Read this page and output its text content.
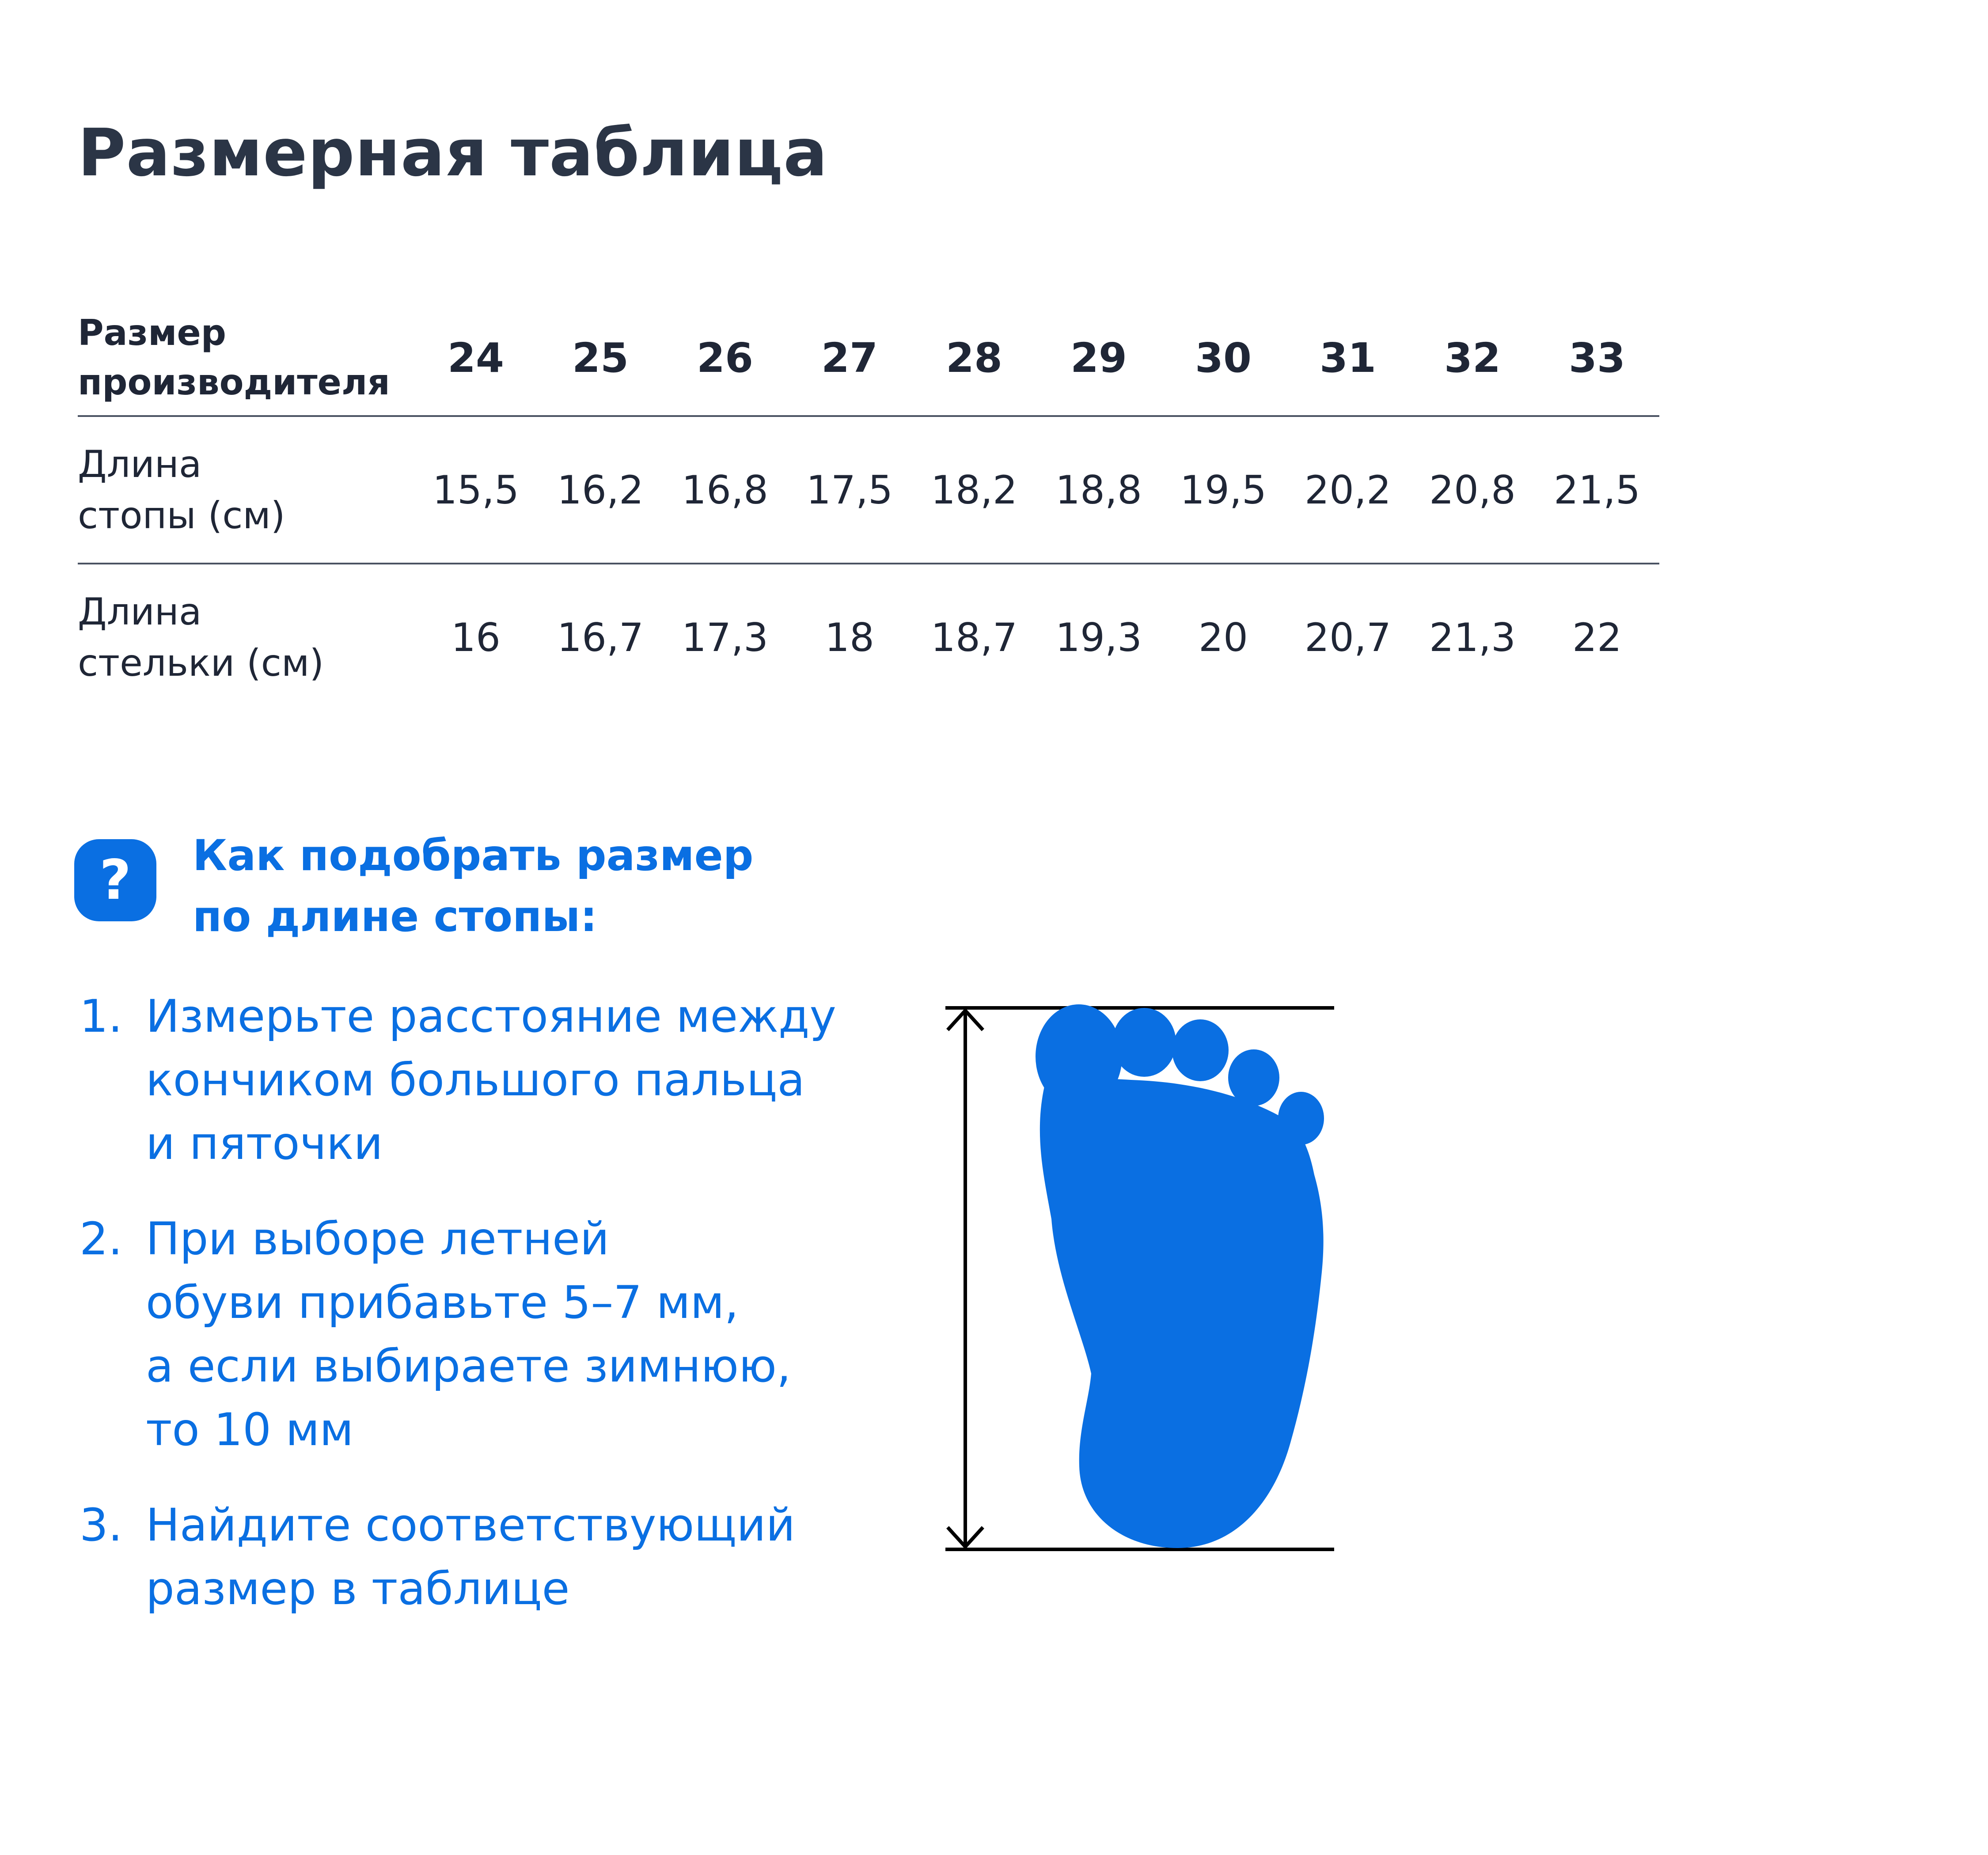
Размерная таблица
Размер
производителя	24	25	26	27	28	29	30	31	32	33
Длина
стопы (см)	15,5	16,2	16,8	17,5	18,2	18,8	19,5	20,2	20,8	21,5
Длина
стельки (см)	16	16,7	17,3	18	18,7	19,3	20	20,7	21,3	22
?	Как подобрать размер
по длине стопы:
1. Измерьте расстояние между
кончиком большого пальца
и пяточки
2. При выборе летней
обуви прибавьте 5–7 мм,
а если выбираете зимнюю,
то 10 мм
3. Найдите соответствующий
размер в таблице
